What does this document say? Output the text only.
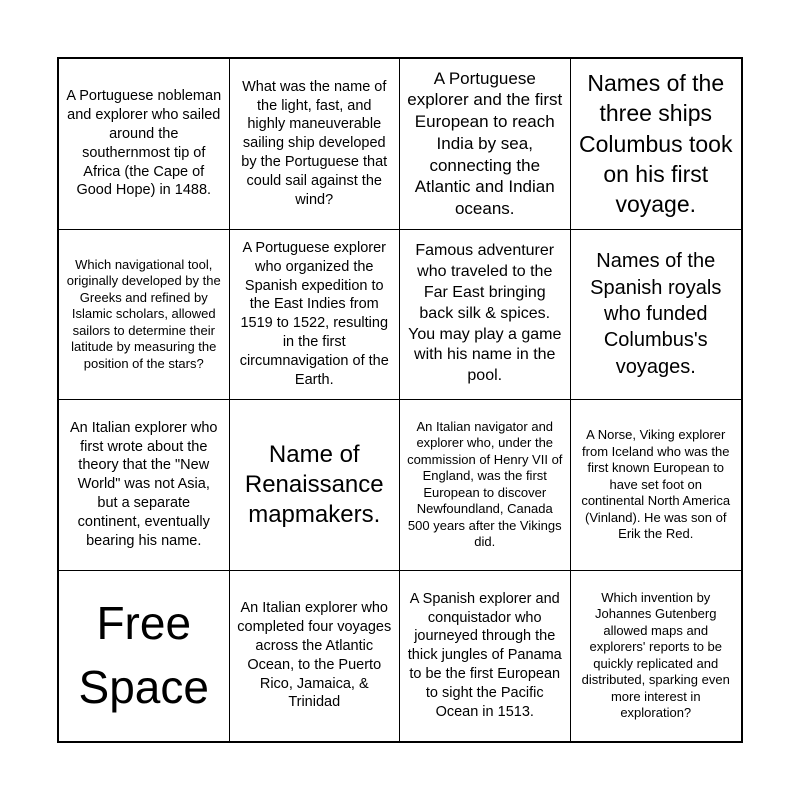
A Portuguese nobleman and explorer who sailed around the southernmost tip of Africa (the Cape of Good Hope) in 1488.
What was the name of the light, fast, and highly maneuverable sailing ship developed by the Portuguese that could sail against the wind?
A Portuguese explorer and the first European to reach India by sea, connecting the Atlantic and Indian oceans.
Names of the three ships Columbus took on his first voyage.
Which navigational tool, originally developed by the Greeks and refined by Islamic scholars, allowed sailors to determine their latitude by measuring the position of the stars?
A Portuguese explorer who organized the Spanish expedition to the East Indies from 1519 to 1522, resulting in the first circumnavigation of the Earth.
Famous adventurer who traveled to the Far East bringing back silk & spices. You may play a game with his name in the pool.
Names of the Spanish royals who funded Columbus's voyages.
An Italian explorer who first wrote about the theory that the "New World" was not Asia, but a separate continent, eventually bearing his name.
Name of Renaissance mapmakers.
An Italian navigator and explorer who, under the commission of Henry VII of England, was the first European to discover Newfoundland, Canada 500 years after the Vikings did.
A Norse, Viking explorer from Iceland who was the first known European to have set foot on continental North America (Vinland). He was son of Erik the Red.
Free Space
An Italian explorer who completed four voyages across the Atlantic Ocean, to the Puerto Rico, Jamaica, & Trinidad
A Spanish explorer and conquistador who journeyed through the thick jungles of Panama to be the first European to sight the Pacific Ocean in 1513.
Which invention by Johannes Gutenberg allowed maps and explorers' reports to be quickly replicated and distributed, sparking even more interest in exploration?
